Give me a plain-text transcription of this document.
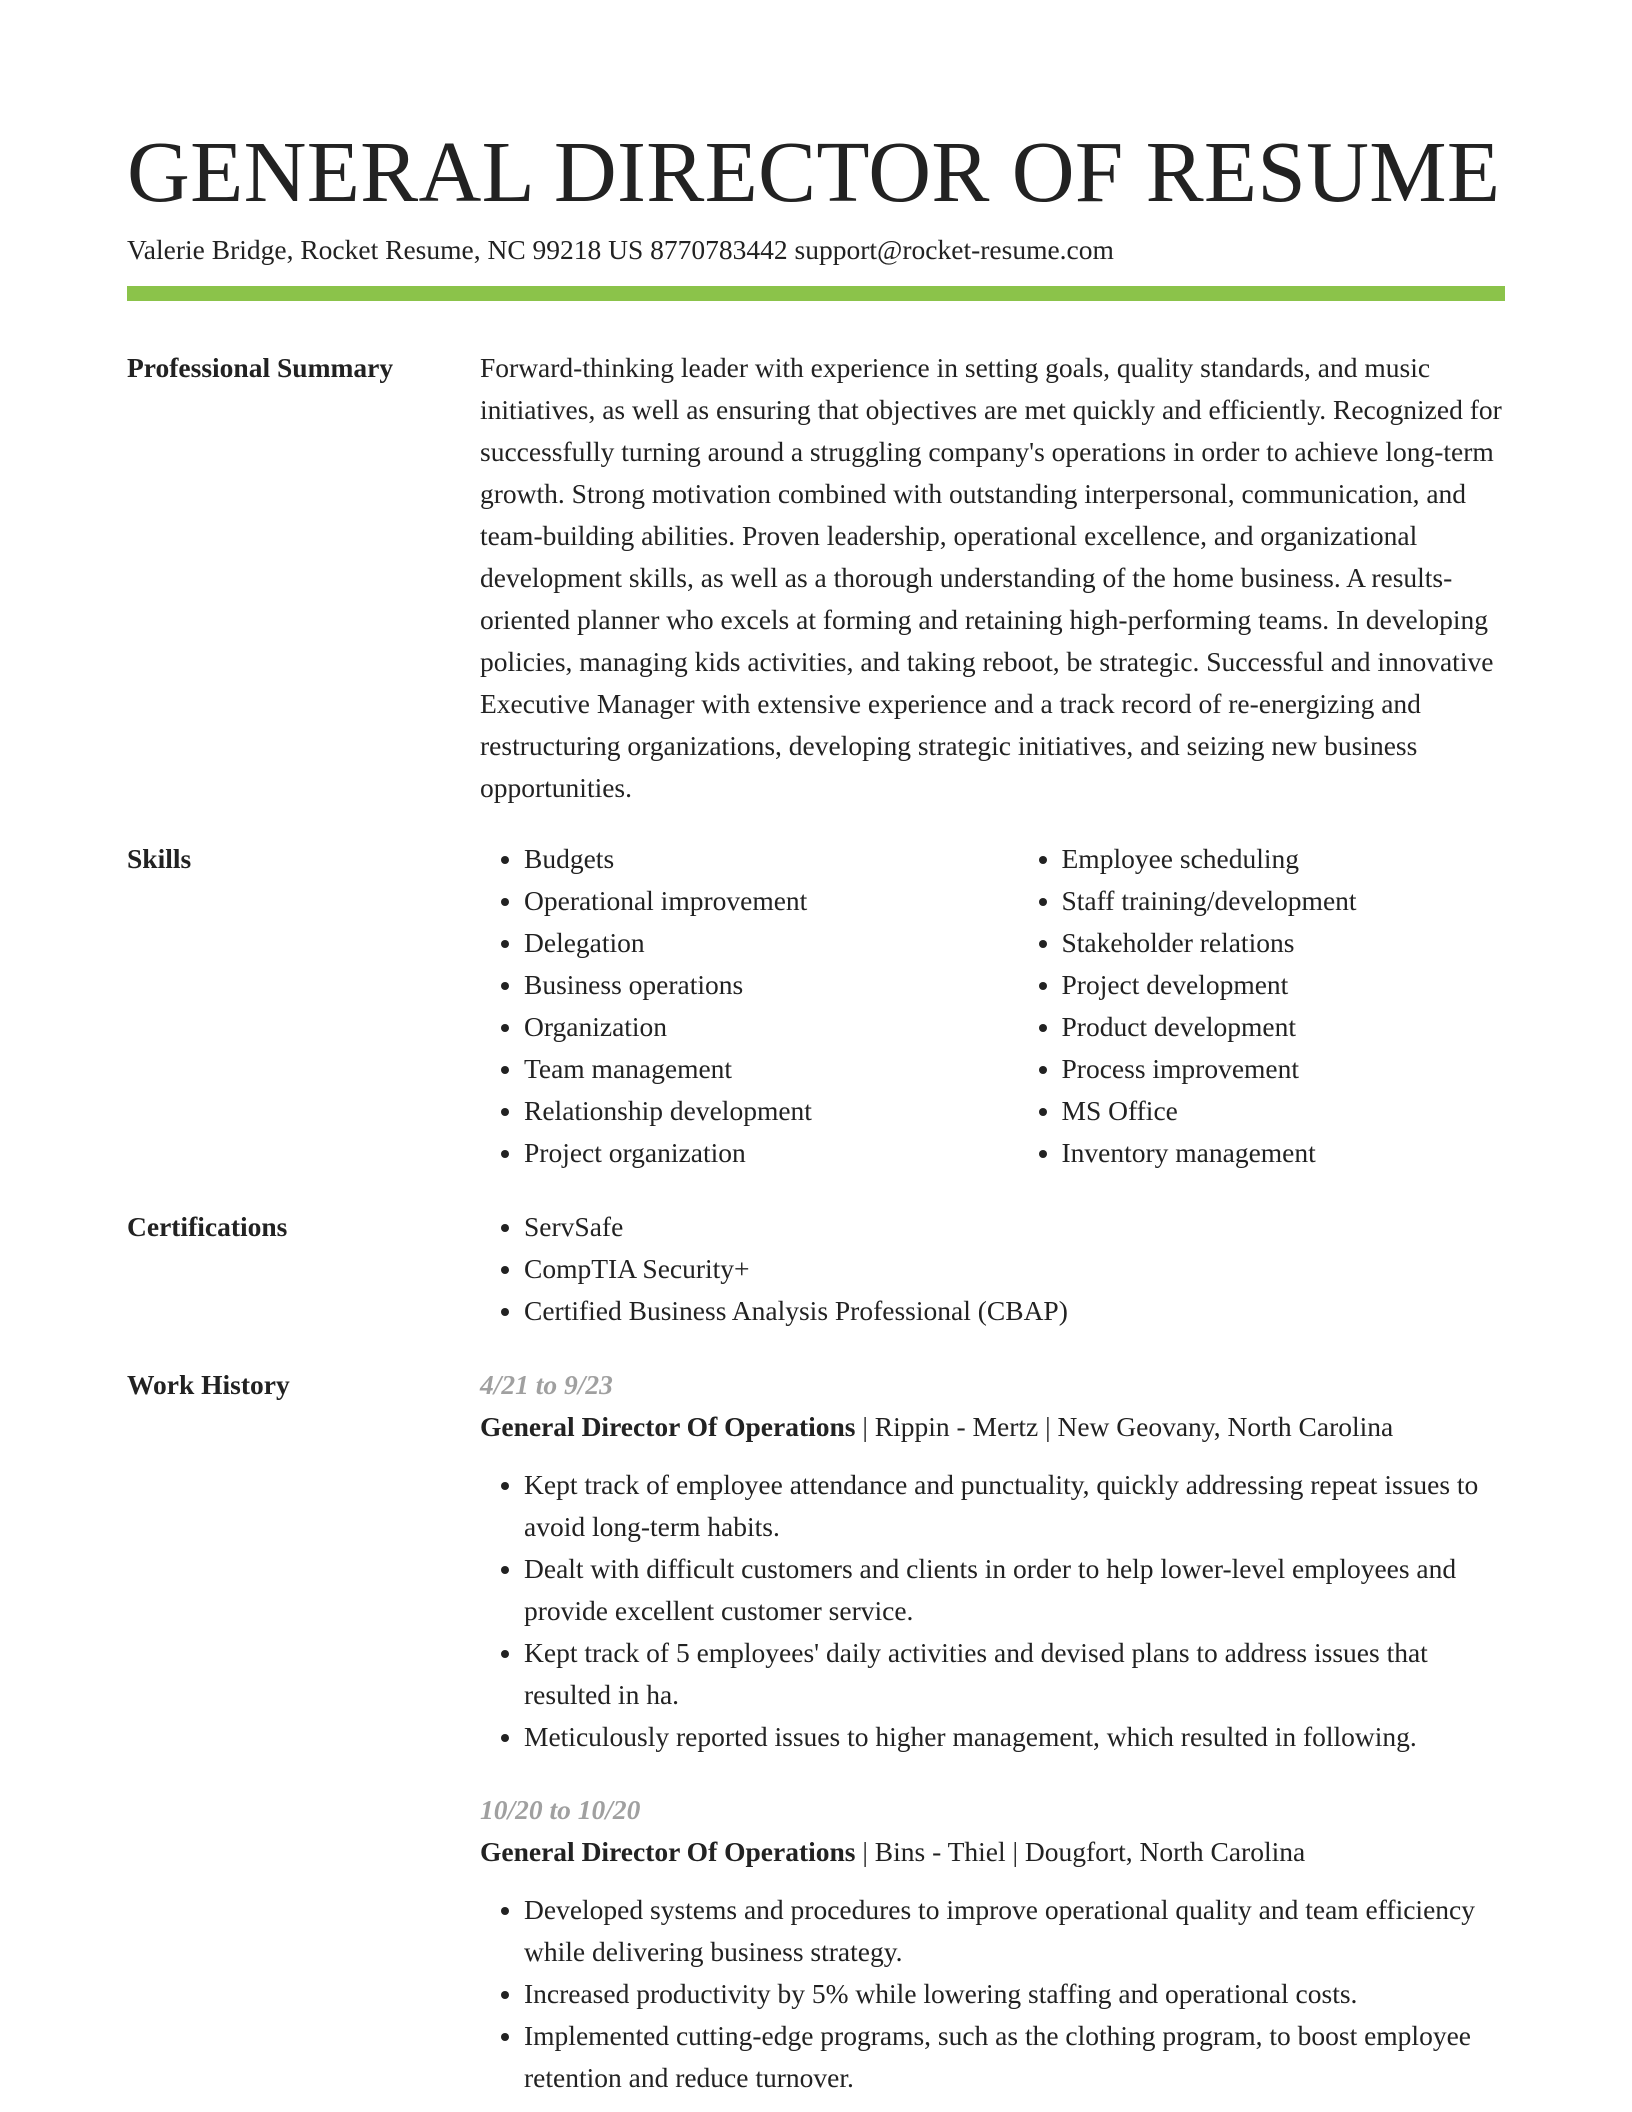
GENERAL DIRECTOR OF RESUME
Valerie Bridge, Rocket Resume, NC 99218 US 8770783442 support@rocket-resume.com
Professional Summary	Forward-thinking leader with experience in setting goals, quality standards, and music initiatives, as well as ensuring that objectives are met quickly and efficiently. Recognized for successfully turning around a struggling company's operations in order to achieve long-term growth. Strong motivation combined with outstanding interpersonal, communication, and team-building abilities. Proven leadership, operational excellence, and organizational development skills, as well as a thorough understanding of the home business. A results-oriented planner who excels at forming and retaining high-performing teams. In developing policies, managing kids activities, and taking reboot, be strategic. Successful and innovative Executive Manager with extensive experience and a track record of re-energizing and restructuring organizations, developing strategic initiatives, and seizing new business opportunities.

Skills	• Budgets
• Operational improvement
• Delegation
• Business operations
• Organization
• Team management
• Relationship development
• Project organization
• Employee scheduling
• Staff training/development
• Stakeholder relations
• Project development
• Product development
• Process improvement
• MS Office
• Inventory management
Certifications	• ServSafe
• CompTIA Security+
• Certified Business Analysis Professional (CBAP)
Work History	4/21 to 9/23
General Director Of Operations | Rippin - Mertz | New Geovany, North Carolina
• Kept track of employee attendance and punctuality, quickly addressing repeat issues to avoid long-term habits.
• Dealt with difficult customers and clients in order to help lower-level employees and provide excellent customer service.
• Kept track of 5 employees' daily activities and devised plans to address issues that resulted in ha.
• Meticulously reported issues to higher management, which resulted in following.
10/20 to 10/20
General Director Of Operations | Bins - Thiel | Dougfort, North Carolina
• Developed systems and procedures to improve operational quality and team efficiency while delivering business strategy.
• Increased productivity by 5% while lowering staffing and operational costs.
• Implemented cutting-edge programs, such as the clothing program, to boost employee retention and reduce turnover.
